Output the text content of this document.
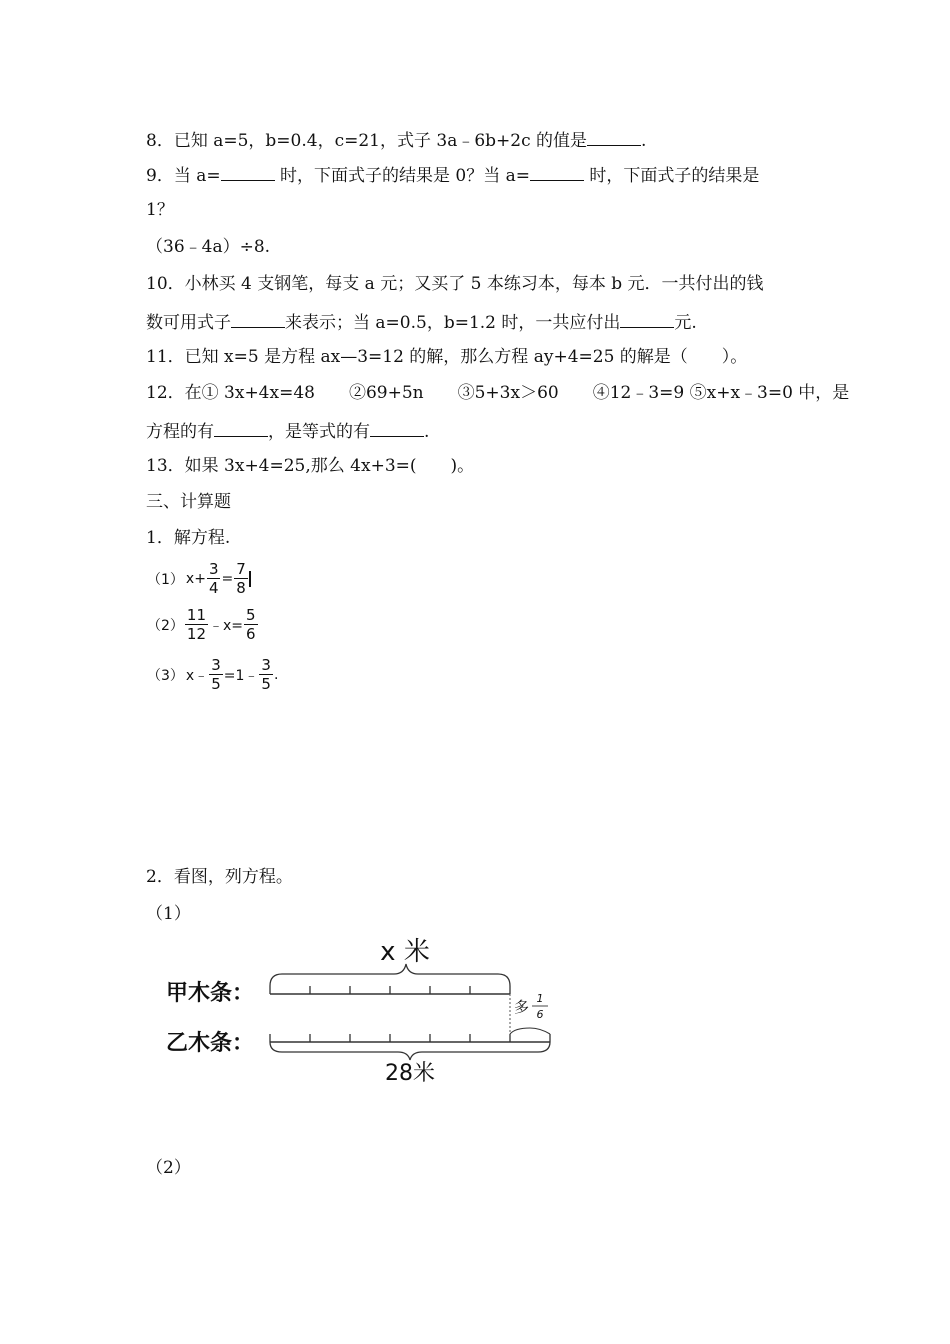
8．已知 a=5，b=0.4，c=21，式子 3a﹣6b+2c 的值是	.
9．当 a=	时，下面式子的结果是 0？当 a=	时，下面式子的结果是
1？
（36﹣4a）÷8.
10．小林买 4 支钢笔，每支 a 元；又买了 5 本练习本，每本 b 元．一共付出的钱
数可用式子	来表示；当 a=0.5，b=1.2 时，一共应付出	元.
11．已知 x=5 是方程 ax—3=12 的解，那么方程 ay+4=25 的解是（　　）。
12．在① 3x+4x=48　　②69+5n　　③5+3x＞60　　④12﹣3=9 ⑤x+x﹣3=0 中，是
方程的有	，是等式的有	.
13．如果 3x+4=25,那么 4x+3=(　　)。
三、计算题
1．解方程.
（1） $x+ \frac{3}{4} = \frac{7}{8}$
$(2) \frac{11}{12}$ ﹣x= $\frac{5}{6}$
（3） x﹣ $\frac{3}{5}$ =1﹣ $\frac{3}{5}$ .
2．看图，列方程。
（1）
x 米
甲木条：
多 1
6
乙木条：
28米
（2）
